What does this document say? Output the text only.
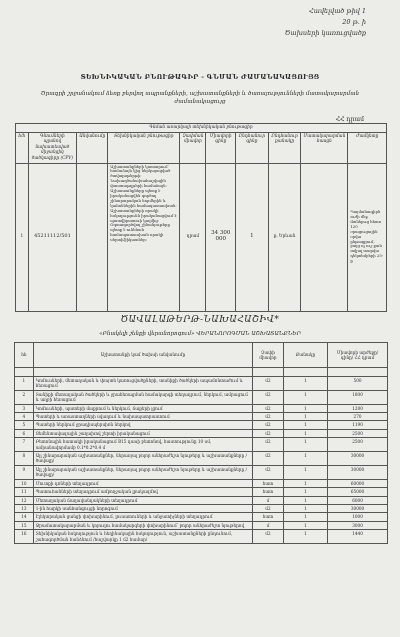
Հավելված թիվ 1
20 թ. ի
Ծախսերի կառուցվածք
ՏԵԽՆԻԿԱԿԱՆ ԲՆՈՒԹԱԳԻՐ - ԳՆՄԱՆ ԺԱՄԱՆԱԿԱՑՈՒՅՑ
Ծրագրի շրջանակում ձեռք բերվող ապրանքների, աշխատանքների և ծառայությունների մատակարարման ժամանակացույց
ՀՀ դրամ
Գնման առարկայի տեխնիկական բնութագիր									
հ/հ	Գնումների պլանով նախատեսված միջանցիկ ծածկագիրը (CPV)	Անվանումը	Տեխնիկական բնութագիր	Չափման միավոր	Միավորի գինը	Ընդհանուր գինը	Ընդհանուր քանակը	Մատակարարման հասցե	Ժամկետը
1	45211112/501		Աշխատանքների կատարում՝ համաձայն կից ներկայացված ծավալաթերթի: Նախագծանախահաշվային փաստաթղթերի համաձայն: Աշխատանքները պետք է իրականացվեն գործող շինարարական նորմերին և կանոններին համապատասխան: Աշխատանքների որակի հսկողությունն իրականացվում է պատվիրատուի կողմից: Օգտագործվող շինանյութերը պետք է ունենան համապատասխան որակի սերտիֆիկատներ:	դրամ	34 300 000	1	ք. Երևան		Պայմանագիրն ուժի մեջ մտնելուց հետո 120 օրացուցային օրվա ընթացքում, բայց ոչ ուշ քան տվյալ տարվա դեկտեմբերի 25-ը
ԾԱՎԱԼԱԹԵՐԹ-ՆԱԽԱՀԱՇԻՎ*
«Բնակելի շենքի վերանորոգում» ՎԵՐԱՆՈՐՈԳՄԱՆ ԱՇԽԱՏԱՆՔՆԵՐ
հհ	Աշխատանքի կամ ծախսի անվանումը	Չափի միավոր	Քանակը	Միավորի արժեքը/ գինը/ ՀՀ դրամ

1	Կոմուսների, մետաղական և փայտե կառուցվածքների, տանիքի ծածկերի ապամոնտաժում և հեռացում	մ2	1	500
2	Տանիքի մետաղական ծածկերի և ջրահեռացման համակարգի տեղադրում, ներկում, ամրացում և աղբի հեռացում	մ2	1	1800
3	Կոմուսների, պատերի մաքրում և ներկում, ճաքերի լցում	մ2	1	1200
4	Պատերի և առաստաղների սվաղում և նախապատրաստում	մ2	1	270
5	Պատերի ներկում ջրադիսպերսիոն ներկով	մ2	1	1190
6	Ցեմենտավազային շաղախով շերտի իրականացում	մ2	1	2500
7	Բետոնային հատակի իրականացում B15 դասի բետոնով, հաստությունը 10 սմ, ամրանավորմամբ 0.1*0.2*0.4 մ	մ2	1	2500
8	Այլ շինարարական աշխատանքներ, ներառյալ բոլոր անհրաժեշտ նյութերը և աշխատանքները /ծավալը/	մ2	1	30000
9	Այլ շինարարական աշխատանքներ, ներառյալ բոլոր անհրաժեշտ նյութերը և աշխատանքները /ծավալը/	մ2	1	30000
10	Մուտքի դռների տեղադրում	հատ	1	60000
11	Պատուհանների տեղադրում ամբողջական լրակազմով	հատ	1	65000
12	Մետաղական ճաղավանդակների տեղադրում	մ	1	6000
13	1-ին հարկի սանհանգույցի նորոգում	մ2	1	30000
14	Էլեկտրական ցանցի փոխարինում, լուսատուների և անջատիչների տեղադրում	հատ	1	1000
15	Ջրամատակարարման և կոյուղու համակարգերի փոխարինում՝ բոլոր անհրաժեշտ նյութերով	մ	1	3000
16	Տեխնիկական հսկողություն և հեղինակային հսկողություն, աշխատանքների ընդունում, շահագործման հանձնում /հաշվարկը 1 մ2 համար/	մ2	1	1440
